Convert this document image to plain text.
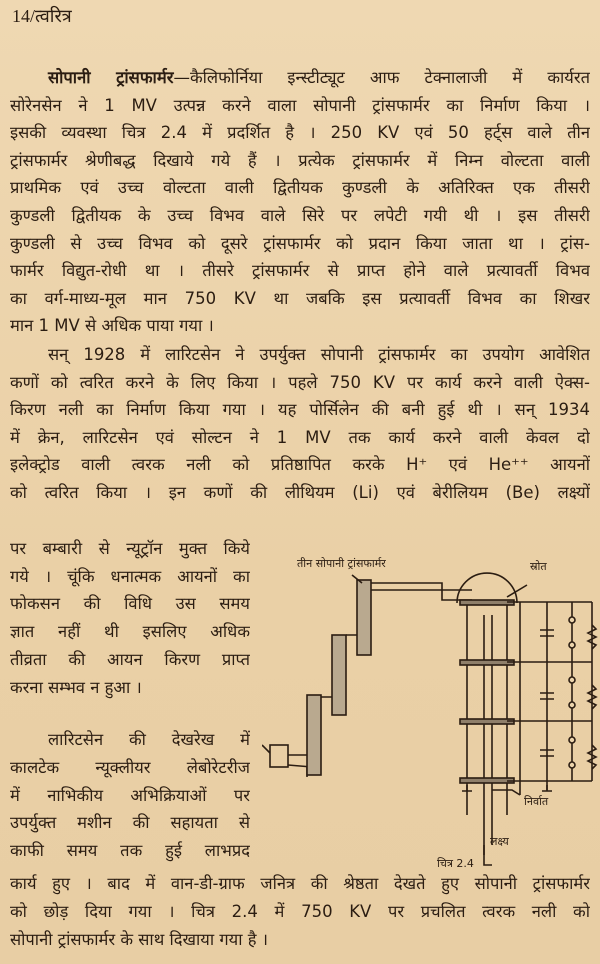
14/त्वरित्र
सोपानी ट्रांसफार्मर—कैलिफोर्निया इन्स्टीट्यूट आफ टेक्नालाजी में कार्यरत
सोरेनसेन ने 1 MV उत्पन्न करने वाला सोपानी ट्रांसफार्मर का निर्माण किया ।
इसकी व्यवस्था चित्र 2.4 में प्रदर्शित है । 250 KV एवं 50 हर्ट्स वाले तीन
ट्रांसफार्मर श्रेणीबद्ध दिखाये गये हैं । प्रत्येक ट्रांसफार्मर में निम्न वोल्टता वाली
प्राथमिक एवं उच्च वोल्टता वाली द्वितीयक कुण्डली के अतिरिक्त एक तीसरी
कुण्डली द्वितीयक के उच्च विभव वाले सिरे पर लपेटी गयी थी । इस तीसरी
कुण्डली से उच्च विभव को दूसरे ट्रांसफार्मर को प्रदान किया जाता था । ट्रांस-
फार्मर विद्युत-रोधी था । तीसरे ट्रांसफार्मर से प्राप्त होने वाले प्रत्यावर्ती विभव
का वर्ग-माध्य-मूल मान 750 KV था जबकि इस प्रत्यावर्ती विभव का शिखर
मान 1 MV से अधिक पाया गया ।
सन् 1928 में लारिटसेन ने उपर्युक्त सोपानी ट्रांसफार्मर का उपयोग आवेशित
कणों को त्वरित करने के लिए किया । पहले 750 KV पर कार्य करने वाली ऐक्स-
किरण नली का निर्माण किया गया । यह पोर्सिलेन की बनी हुई थी । सन् 1934
में क्रेन, लारिटसेन एवं सोल्टन ने 1 MV तक कार्य करने वाली केवल दो
इलेक्ट्रोड वाली त्वरक नली को प्रतिष्ठापित करके H⁺ एवं He⁺⁺ आयनों
को त्वरित किया । इन कणों की लीथियम (Li) एवं बेरीलियम (Be) लक्ष्यों
पर बम्बारी से न्यूट्रॉन मुक्त किये
गये । चूंकि धनात्मक आयनों का
फोकसन की विधि उस समय
ज्ञात नहीं थी इसलिए अधिक
तीव्रता की आयन किरण प्राप्त
करना सम्भव न हुआ ।
लारिटसेन की देखरेख में
कालटेक न्यूक्लीयर लेबोरेटरीज
में नाभिकीय अभिक्रियाओं पर
उपर्युक्त मशीन की सहायता से
काफी समय तक हुई लाभप्रद
कार्य हुए । बाद में वान-डी-ग्राफ जनित्र की श्रेष्ठता देखते हुए सोपानी ट्रांसफार्मर
को छोड़ दिया गया । चित्र 2.4 में 750 KV पर प्रचलित त्वरक नली को
सोपानी ट्रांसफार्मर के साथ दिखाया गया है ।
तीन सोपानी ट्रांसफार्मर	स्रोत
निर्वात
लक्ष्य
चित्र 2.4
